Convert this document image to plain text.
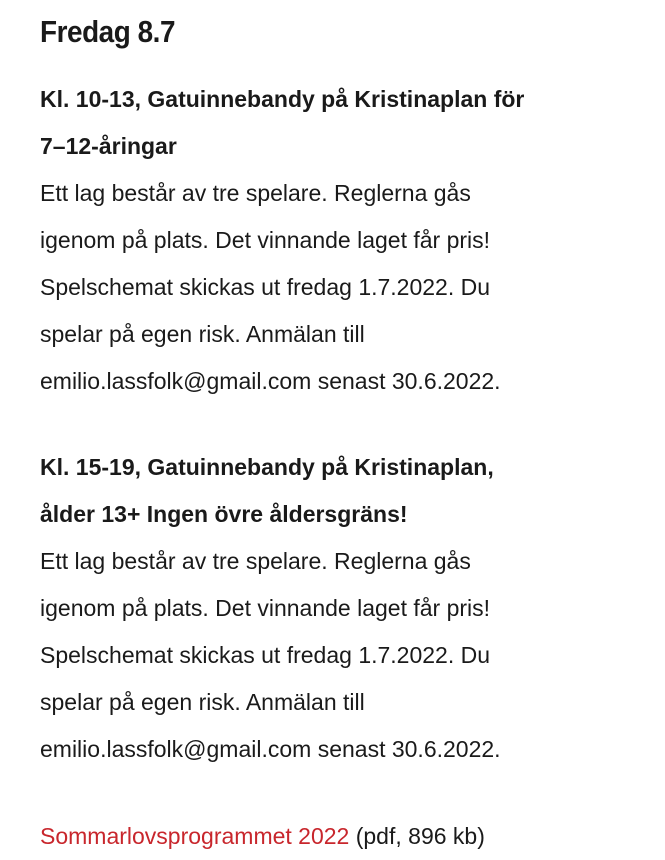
Fredag 8.7

Kl. 10-13, Gatuinnebandy på Kristinaplan för
7–12-åringar

Ett lag består av tre spelare. Reglerna gås
igenom på plats. Det vinnande laget får pris!
Spelschemat skickas ut fredag 1.7.2022. Du
spelar på egen risk. Anmälan till
emilio.lassfolk@gmail.com senast 30.6.2022.

Kl. 15-19, Gatuinnebandy på Kristinaplan,
ålder 13+ Ingen övre åldersgräns!

Ett lag består av tre spelare. Reglerna gås
igenom på plats. Det vinnande laget får pris!
Spelschemat skickas ut fredag 1.7.2022. Du
spelar på egen risk. Anmälan till
emilio.lassfolk@gmail.com senast 30.6.2022.

Sommarlovsprogrammet 2022 (pdf, 896 kb)
